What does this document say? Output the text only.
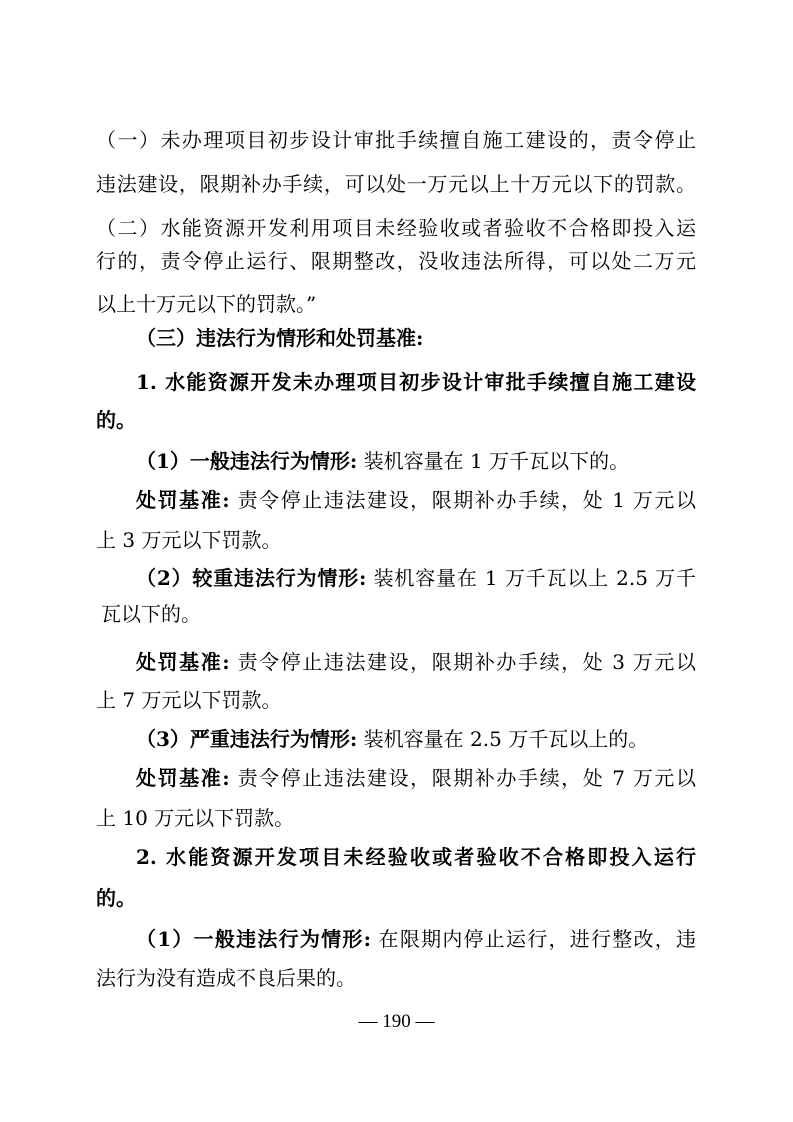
（一）未办理项目初步设计审批手续擅自施工建设的，责令停止

违法建设，限期补办手续，可以处一万元以上十万元以下的罚款。

（二）水能资源开发利用项目未经验收或者验收不合格即投入运

行的，责令停止运行、限期整改，没收违法所得，可以处二万元

以上十万元以下的罚款。”

（三）违法行为情形和处罚基准:

1. 水能资源开发未办理项目初步设计审批手续擅自施工建设

的。

（1）一般违法行为情形: 装机容量在 1 万千瓦以下的。

处罚基准: 责令停止违法建设，限期补办手续，处 1 万元以

上 3 万元以下罚款。

（2）较重违法行为情形: 装机容量在 1 万千瓦以上 2.5 万千

瓦以下的。

处罚基准: 责令停止违法建设，限期补办手续，处 3 万元以

上 7 万元以下罚款。

（3）严重违法行为情形: 装机容量在 2.5 万千瓦以上的。

处罚基准: 责令停止违法建设，限期补办手续，处 7 万元以

上 10 万元以下罚款。

2. 水能资源开发项目未经验收或者验收不合格即投入运行

的。

（1）一般违法行为情形: 在限期内停止运行，进行整改，违

法行为没有造成不良后果的。

— 190 —
